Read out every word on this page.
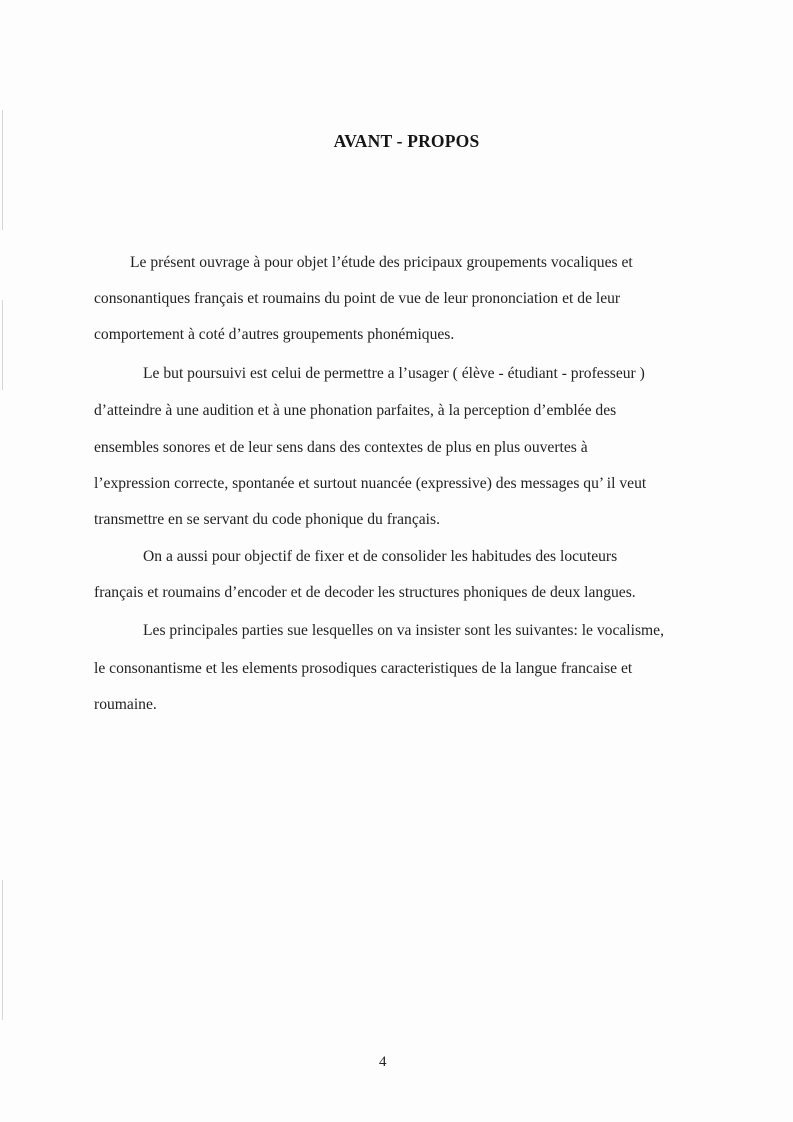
AVANT - PROPOS
Le présent ouvrage à pour objet l’étude des pricipaux groupements vocaliques et
consonantiques français et roumains du point de vue de leur prononciation et de leur
comportement à coté d’autres groupements phonémiques.
Le but poursuivi est celui de permettre a l’usager ( élève - étudiant - professeur )
d’atteindre à une audition et à une phonation parfaites, à la perception d’emblée des
ensembles sonores et de leur sens dans des contextes de plus en plus ouvertes à
l’expression correcte, spontanée et surtout nuancée (expressive) des messages qu’ il veut
transmettre en se servant du code phonique du français.
On a aussi pour objectif de fixer et de consolider les habitudes des locuteurs
français et roumains d’encoder et de decoder les structures phoniques de deux langues.
Les principales parties sue lesquelles on va insister sont les suivantes: le vocalisme,
le consonantisme et les elements prosodiques caracteristiques de la langue francaise et
roumaine.
4
